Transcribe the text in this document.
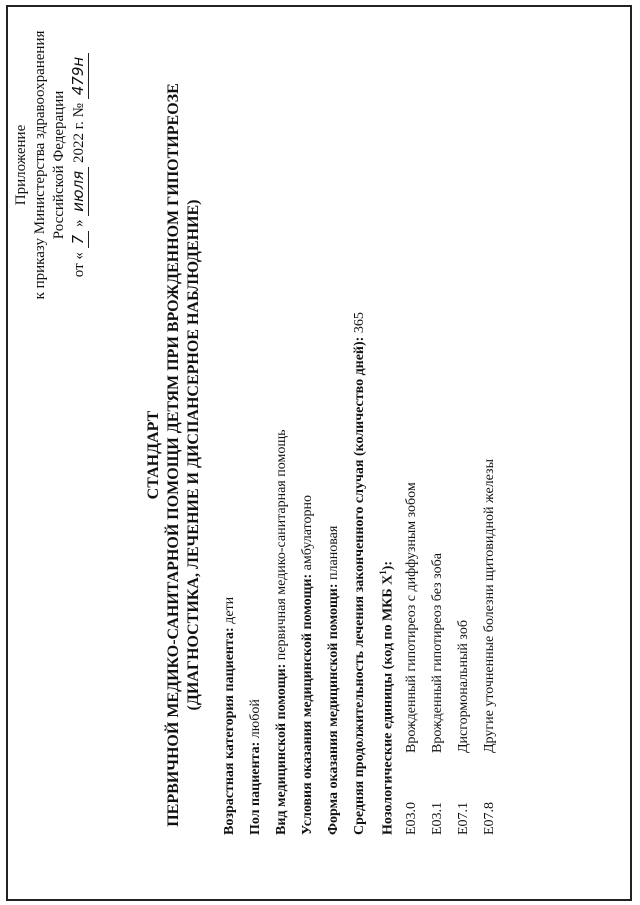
Приложение к приказу Министерства здравоохранения Российской Федерации
от « 7 » июля 2022 г. № 479н
СТАНДАРТ ПЕРВИЧНОЙ МЕДИКО-САНИТАРНОЙ ПОМОЩИ ДЕТЯМ ПРИ ВРОЖДЕННОМ ГИПОТИРЕОЗЕ (ДИАГНОСТИКА, ЛЕЧЕНИЕ И ДИСПАНСЕРНОЕ НАБЛЮДЕНИЕ)
Возрастная категория пациента: дети
Пол пациента: любой Вид медицинской помощи: первичная медико-санитарная помощь
Условия оказания медицинской помощи: амбулаторно
Форма оказания медицинской помощи: плановая Средняя продолжительность лечения законченного случая (количество дней): 365
Нозологические единицы (код по МКБ $X^1$):
E03.0
Врожденный гипотиреоз с диффузным зобом
E03.1
Врожденный гипотиреоз без зоба
E07.1
Дисгормональный зоб
E07.8
Другие уточненные болезни щитовидной железы
